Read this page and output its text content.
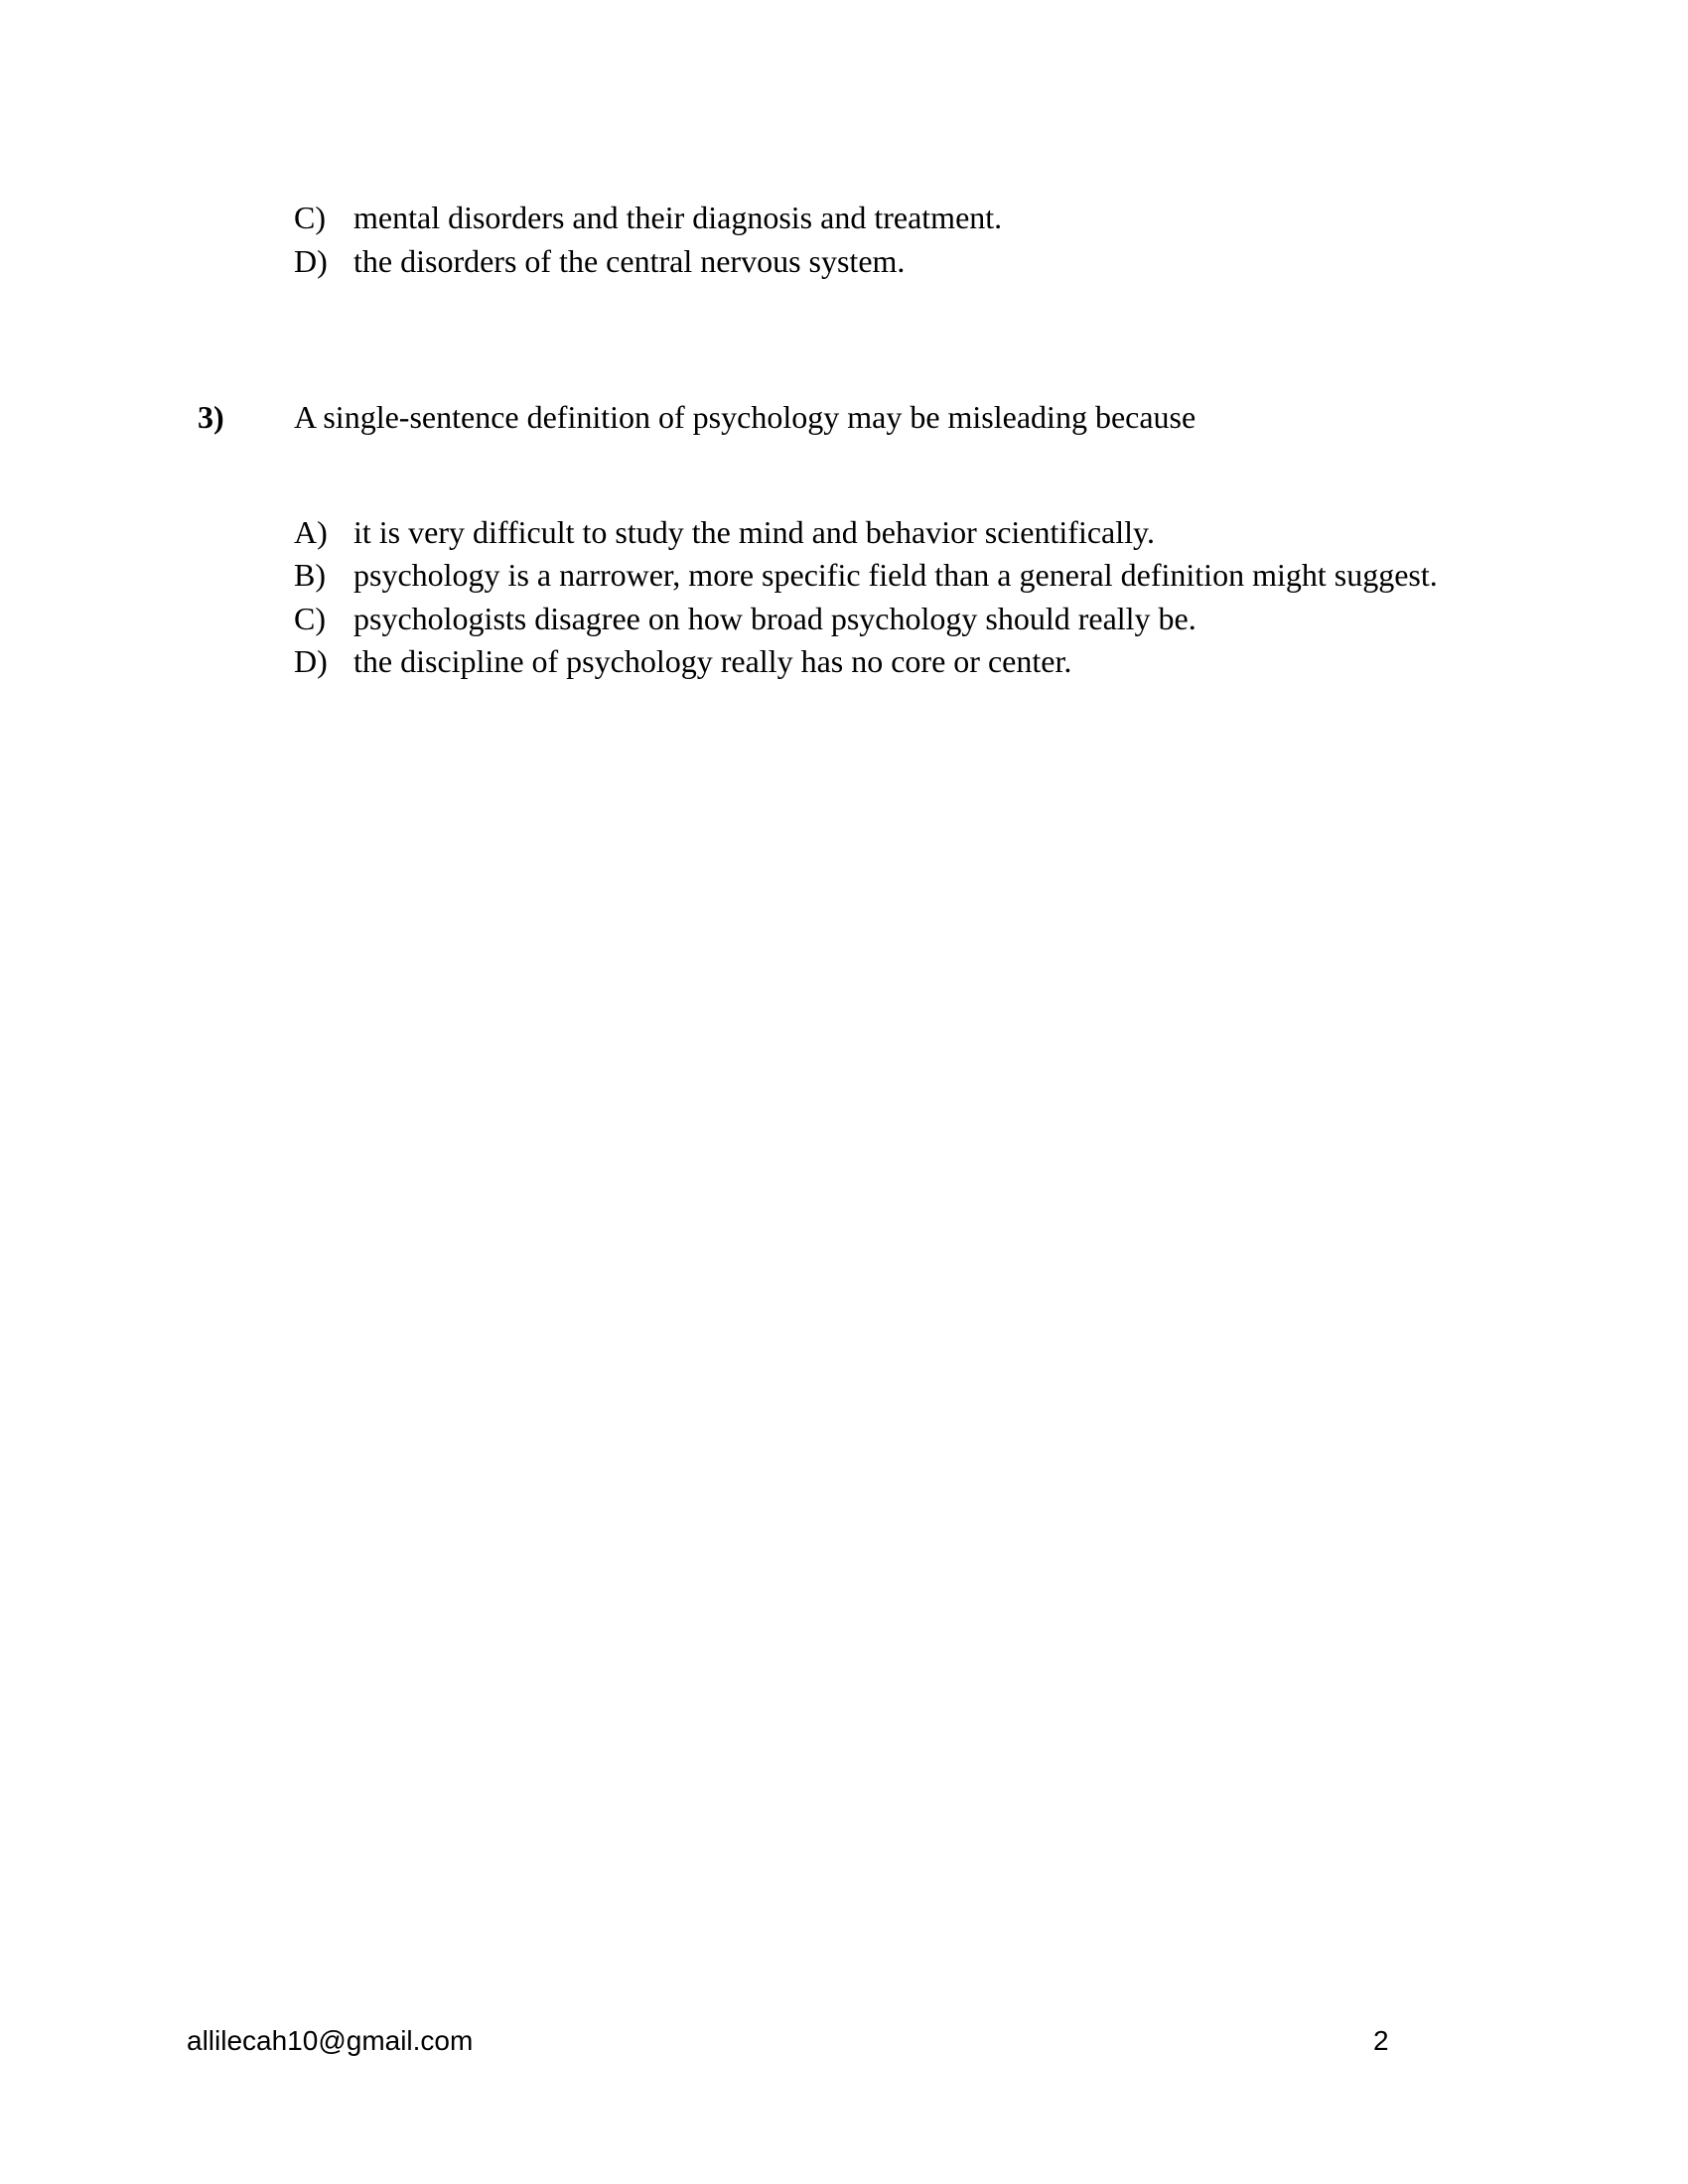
C) mental disorders and their diagnosis and treatment.
D) the disorders of the central nervous system.
3) A single-sentence definition of psychology may be misleading because
A) it is very difficult to study the mind and behavior scientifically.
B) psychology is a narrower, more specific field than a general definition might suggest.
C) psychologists disagree on how broad psychology should really be.
D) the discipline of psychology really has no core or center.
allilecah10@gmail.com	2
